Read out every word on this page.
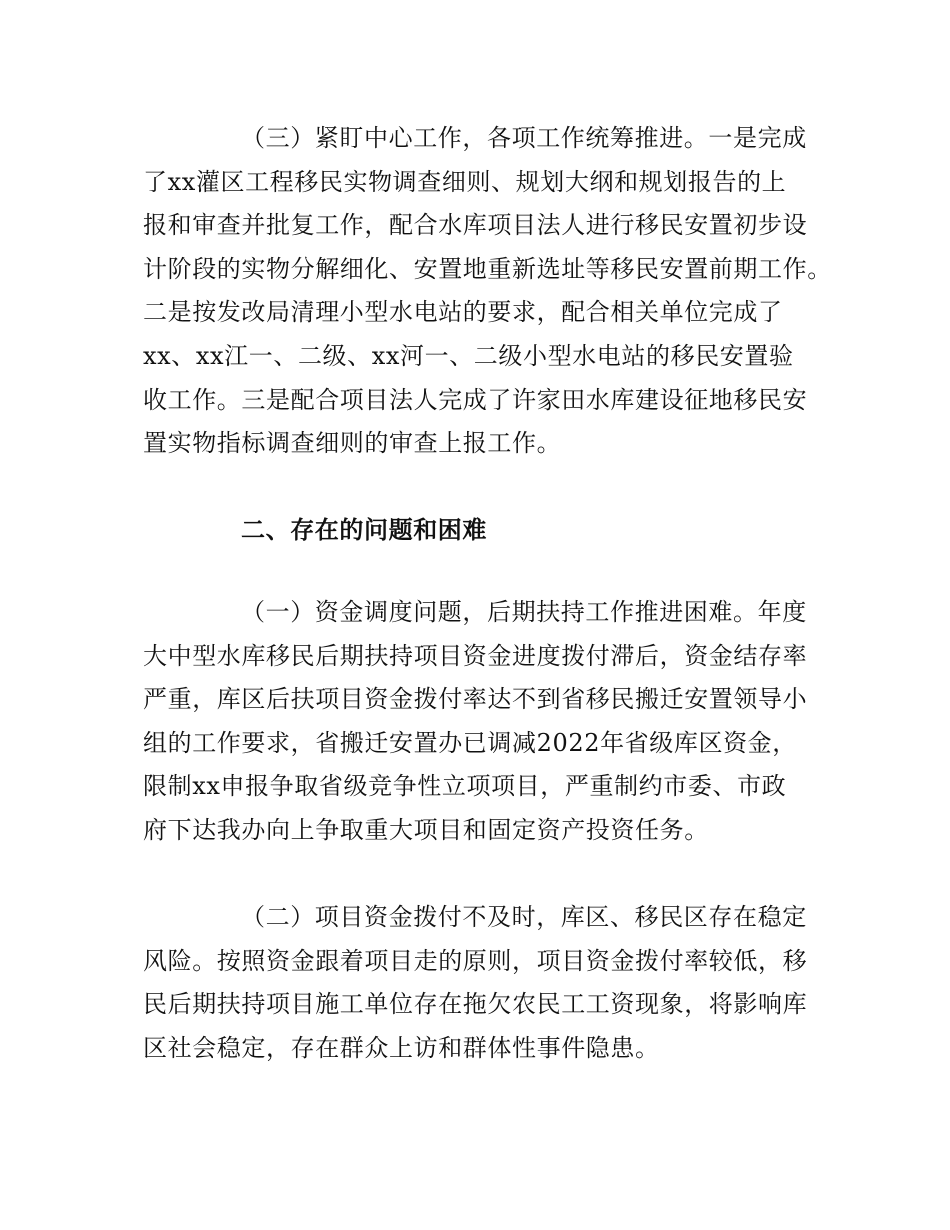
（三）紧盯中心工作，各项工作统筹推进。一是完成
了xx灌区工程移民实物调查细则、规划大纲和规划报告的上
报和审查并批复工作，配合水库项目法人进行移民安置初步设
计阶段的实物分解细化、安置地重新选址等移民安置前期工作。
二是按发改局清理小型水电站的要求，配合相关单位完成了
xx、xx江一、二级、xx河一、二级小型水电站的移民安置验
收工作。三是配合项目法人完成了许家田水库建设征地移民安
置实物指标调查细则的审查上报工作。
二、存在的问题和困难
（一）资金调度问题，后期扶持工作推进困难。年度
大中型水库移民后期扶持项目资金进度拨付滞后，资金结存率
严重，库区后扶项目资金拨付率达不到省移民搬迁安置领导小
组的工作要求，省搬迁安置办已调减2022年省级库区资金，
限制xx申报争取省级竞争性立项项目，严重制约市委、市政
府下达我办向上争取重大项目和固定资产投资任务。
（二）项目资金拨付不及时，库区、移民区存在稳定
风险。按照资金跟着项目走的原则，项目资金拨付率较低，移
民后期扶持项目施工单位存在拖欠农民工工资现象，将影响库
区社会稳定，存在群众上访和群体性事件隐患。
